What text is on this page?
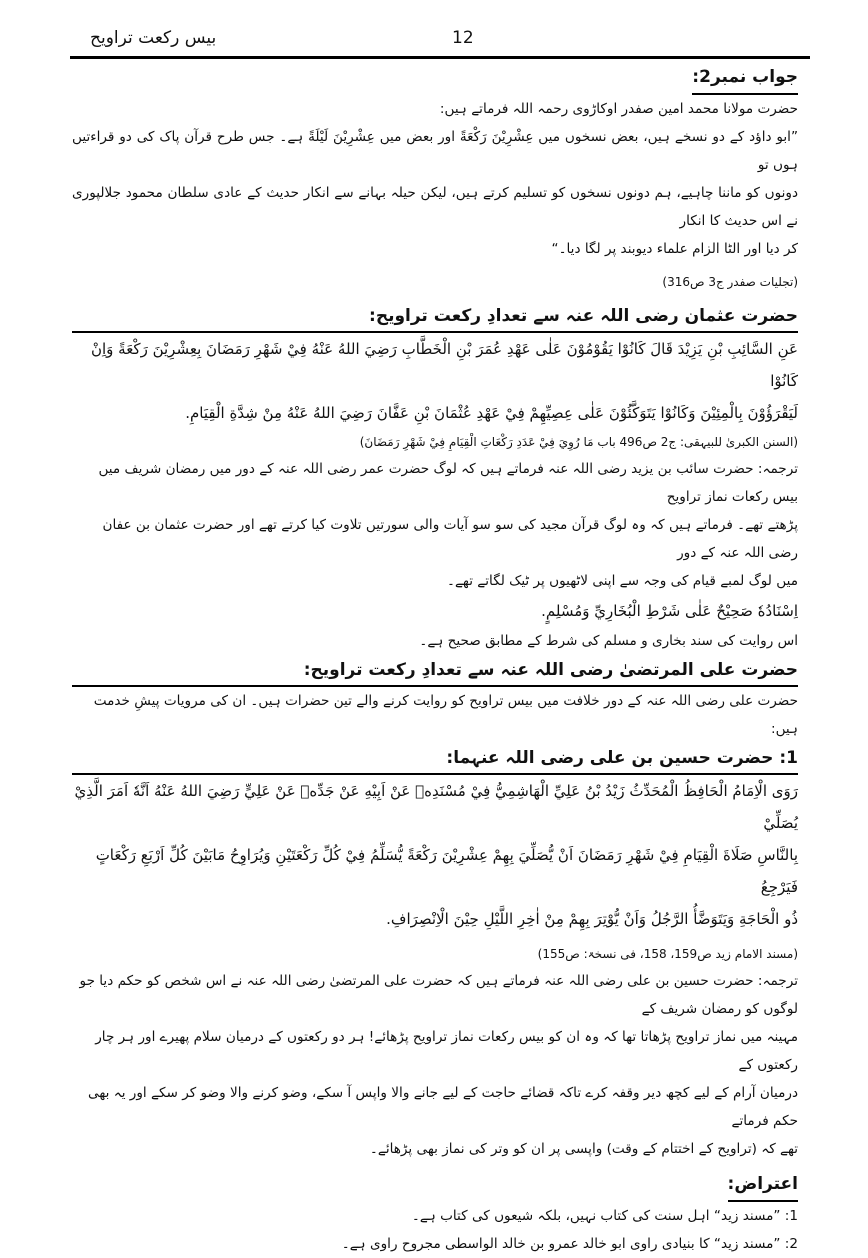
بیس رکعت تراویح	12
جواب نمبر2:

حضرت مولانا محمد امین صفدر اوکاڑوی رحمہ اللہ فرماتے ہیں:

”ابو داؤد کے دو نسخے ہیں، بعض نسخوں میں عِشْرِیْنَ رَکْعَةً اور بعض میں عِشْرِیْنَ لَیْلَةً ہے۔ جس طرح قرآن پاک کی دو قراءتیں ہوں تو

دونوں کو ماننا چاہیے، ہم دونوں نسخوں کو تسلیم کرتے ہیں، لیکن حیلہ بہانے سے انکار حدیث کے عادی سلطان محمود جلالپوری نے اس حدیث کا انکار

کر دیا اور الٹا الزام علماء دیوبند پر لگا دیا۔“

(تجلیات صفدر ج3 ص316)

حضرت عثمان رضی اللہ عنہ سے تعدادِ رکعت تراویح:

عَنِ السَّائِبِ بْنِ يَزِيْدَ قَالَ كَانُوْا يَقُوْمُوْنَ عَلٰى عَهْدِ عُمَرَ بْنِ الْخَطَّابِ رَضِيَ اللهُ عَنْهُ فِيْ شَهْرِ رَمَضَانَ بِعِشْرِيْنَ رَكْعَةً وَاِنْ كَانُوْا

لَيَقْرَؤُوْنَ بِالْمِئِيْنَ وَكَانُوْا يَتَوَكَّئُوْنَ عَلٰى عِصِيِّهِمْ فِيْ عَهْدِ عُثْمَانَ بْنِ عَفَّانَ رَضِيَ اللهُ عَنْهُ مِنْ شِدَّةِ الْقِيَامِ.

(السنن الکبریٰ للبیہقی: ج2 ص496 باب مَا رُوِيَ فِيْ عَدَدِ رَكْعَاتِ الْقِيَامِ فِيْ شَهْرِ رَمَضَانَ)

ترجمہ: حضرت سائب بن یزید رضی اللہ عنہ فرماتے ہیں کہ لوگ حضرت عمر رضی اللہ عنہ کے دور میں رمضان شریف میں بیس رکعات نماز تراویح

پڑھتے تھے۔ فرماتے ہیں کہ وہ لوگ قرآن مجید کی سو سو آیات والی سورتیں تلاوت کیا کرتے تھے اور حضرت عثمان بن عفان رضی اللہ عنہ کے دور

میں لوگ لمبے قیام کی وجہ سے اپنی لاٹھیوں پر ٹیک لگاتے تھے۔

اِسْنَادُهٗ صَحِيْحٌ عَلٰى شَرْطِ الْبُخَارِيِّ وَمُسْلِمٍ.

اس روایت کی سند بخاری و مسلم کی شرط کے مطابق صحیح ہے۔

حضرت علی المرتضیٰ رضی اللہ عنہ سے تعدادِ رکعت تراویح:

حضرت علی رضی اللہ عنہ کے دور خلافت میں بیس تراویح کو روایت کرنے والے تین حضرات ہیں۔ ان کی مرویات پیشِ خدمت ہیں:

1: حضرت حسین بن علی رضی اللہ عنہما:

رَوَى الْاِمَامُ الْحَافِظُ الْمُحَدِّثُ زَيْدُ بْنُ عَلِيِّ الْهَاشِمِيُّ فِيْ مُسْنَدِهٖ عَنْ اَبِيْهِ عَنْ جَدِّهٖ عَنْ عَلِيٍّ رَضِيَ اللهُ عَنْهُ اَنَّهٗ اَمَرَ الَّذِيْ يُصَلِّيْ

بِالنَّاسِ صَلَاةَ الْقِيَامِ فِيْ شَهْرِ رَمَضَانَ اَنْ يُّصَلِّيَ بِهِمْ عِشْرِيْنَ رَكْعَةً يُّسَلِّمُ فِيْ كُلِّ رَكْعَتَيْنِ وَيُرَاوِحُ مَابَيْنَ كُلِّ اَرْبَعِ رَكْعَاتٍ فَيَرْجِعُ

ذُو الْحَاجَةِ وَيَتَوَضَّأُ الرَّجُلُ وَاَنْ يُّوْتِرَ بِهِمْ مِنْ اٰخِرِ اللَّيْلِ حِيْنَ الْاِنْصِرَافِ.

(مسند الامام زید ص159، 158، فی نسخۃ: ص155)

ترجمہ: حضرت حسین بن علی رضی اللہ عنہ فرماتے ہیں کہ حضرت علی المرتضیٰ رضی اللہ عنہ نے اس شخص کو حکم دیا جو لوگوں کو رمضان شریف کے

مہینہ میں نماز تراویح پڑھاتا تھا کہ وہ ان کو بیس رکعات نماز تراویح پڑھائے! ہر دو رکعتوں کے درمیان سلام پھیرے اور ہر چار رکعتوں کے

درمیان آرام کے لیے کچھ دیر وقفہ کرے تاکہ قضائے حاجت کے لیے جانے والا واپس آ سکے، وضو کرنے والا وضو کر سکے اور یہ بھی حکم فرماتے

تھے کہ (تراویح کے اختتام کے وقت) واپسی پر ان کو وتر کی نماز بھی پڑھائے۔

اعتراض:

1: ”مسند زید“ اہل سنت کی کتاب نہیں، بلکہ شیعوں کی کتاب ہے۔

2: ”مسند زید“ کا بنیادی راوی ابو خالد عمرو بن خالد الواسطی مجروح راوی ہے۔
